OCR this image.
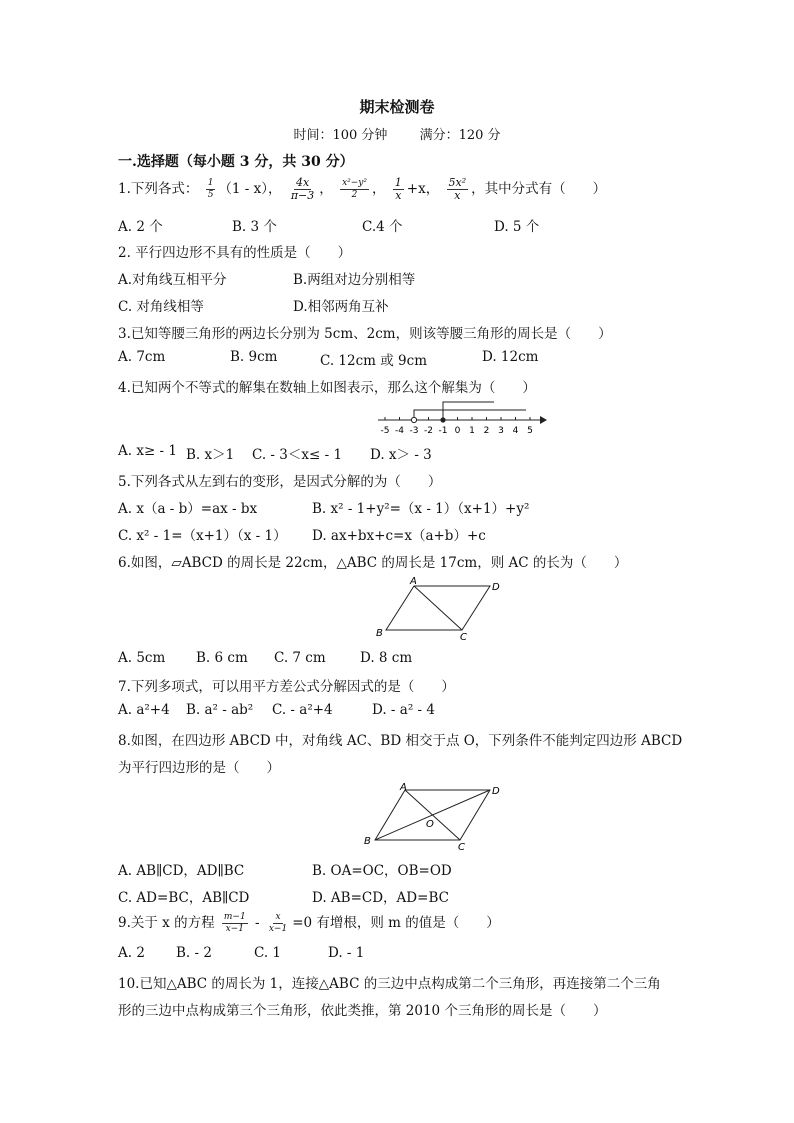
期末检测卷
时间：100 分钟 满分：120 分
一.选择题（每小题 3 分，共 30 分）
1.下列各式： $\frac{1}{5} (1 - x)$， $\frac{4x}{\pi-3}$ ， $\frac{\text{x²−y²}}{2}$ ， $\frac{1}{x} +x$， $\frac{\text{5x²}}{x}$ ，其中分式有（　　）
A. 2 个	B. 3 个	C.4 个	D. 5 个
2. 平行四边形不具有的性质是（　　）
A.对角线互相平分	B.两组对边分别相等
C. 对角线相等	D.相邻两角互补
3.已知等腰三角形的两边长分别为 5cm、2cm，则该等腰三角形的周长是（　　）
A. 7cm	B. 9cm	C. 12cm 或 9cm	D. 12cm
4.已知两个不等式的解集在数轴上如图表示，那么这个解集为（　　）
-5 -4 -3 -2 -1 0 1 2 3 4 5
A. x≥ - 1 B. x＞1 C. - 3＜x≤ - 1 D. x＞ - 3
5.下列各式从左到右的变形，是因式分解的为（　　）
A. x（a - b）=ax - bx	B. x² - 1+y²=（x - 1）（x+1）+y²
C. x² - 1=（x+1）（x - 1） D. ax+bx+c=x（a+b）+c
6.如图，▱ABCD 的周长是 22cm，△ABC 的周长是 17cm，则 AC 的长为（　　）
A
D
B	C
A. 5cm B. 6 cm C. 7 cm	D. 8 cm
7.下列多项式，可以用平方差公式分解因式的是（　　）
A. a²+4 B. a² - ab² C. - a²+4	D. - a² - 4
8.如图，在四边形 ABCD 中，对角线 AC、BD 相交于点 O，下列条件不能判定四边形 ABCD
为平行四边形的是（　　）
A	D
B
C
O
A. AB∥CD，AD∥BC	B. OA=OC，OB=OD
C. AD=BC，AB∥CD	D. AB=CD，AD=BC
9.关于 x 的方程 $\frac{m-1}{x-1} - \frac{x}{x-1} =0$ 有增根，则 m 的值是（　　）
A. 2 B. - 2	C. 1	D. - 1
10.已知△ABC 的周长为 1，连接△ABC 的三边中点构成第二个三角形，再连接第二个三角
形的三边中点构成第三个三角形，依此类推，第 2010 个三角形的周长是（　　）
